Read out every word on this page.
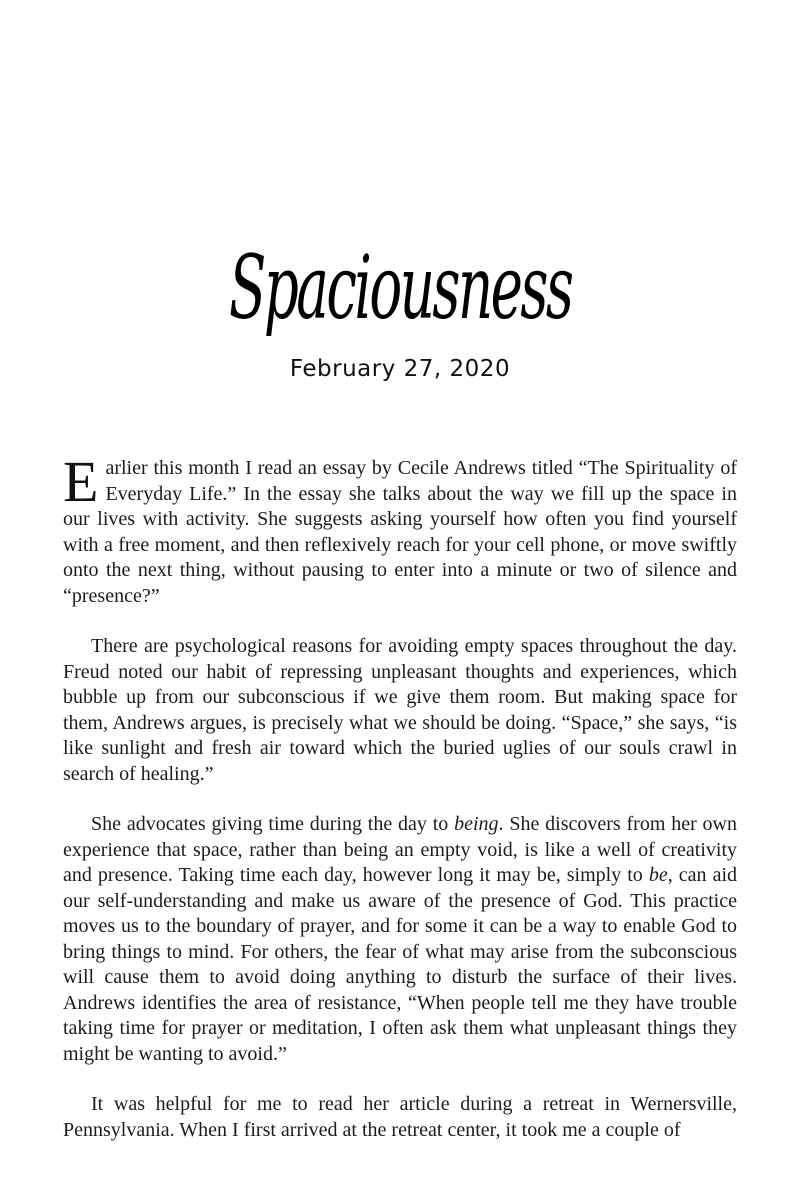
Spaciousness
February 27, 2020

Earlier this month I read an essay by Cecile Andrews titled “The Spirituality of Everyday Life.” In the essay she talks about the way we fill up the space in our lives with activity. She suggests asking yourself how often you find yourself with a free moment, and then reflexively reach for your cell phone, or move swiftly onto the next thing, without pausing to enter into a minute or two of silence and “presence?”

There are psychological reasons for avoiding empty spaces throughout the day. Freud noted our habit of repressing unpleasant thoughts and experiences, which bubble up from our subconscious if we give them room. But making space for them, Andrews argues, is precisely what we should be doing. “Space,” she says, “is like sunlight and fresh air toward which the buried uglies of our souls crawl in search of healing.”

She advocates giving time during the day to being. She discovers from her own experience that space, rather than being an empty void, is like a well of creativity and presence. Taking time each day, however long it may be, simply to be, can aid our self-understanding and make us aware of the presence of God. This practice moves us to the boundary of prayer, and for some it can be a way to enable God to bring things to mind. For others, the fear of what may arise from the subconscious will cause them to avoid doing anything to disturb the surface of their lives. Andrews identifies the area of resistance, “When people tell me they have trouble taking time for prayer or meditation, I often ask them what unpleasant things they might be wanting to avoid.”

It was helpful for me to read her article during a retreat in Wernersville, Pennsylvania. When I first arrived at the retreat center, it took me a couple of
